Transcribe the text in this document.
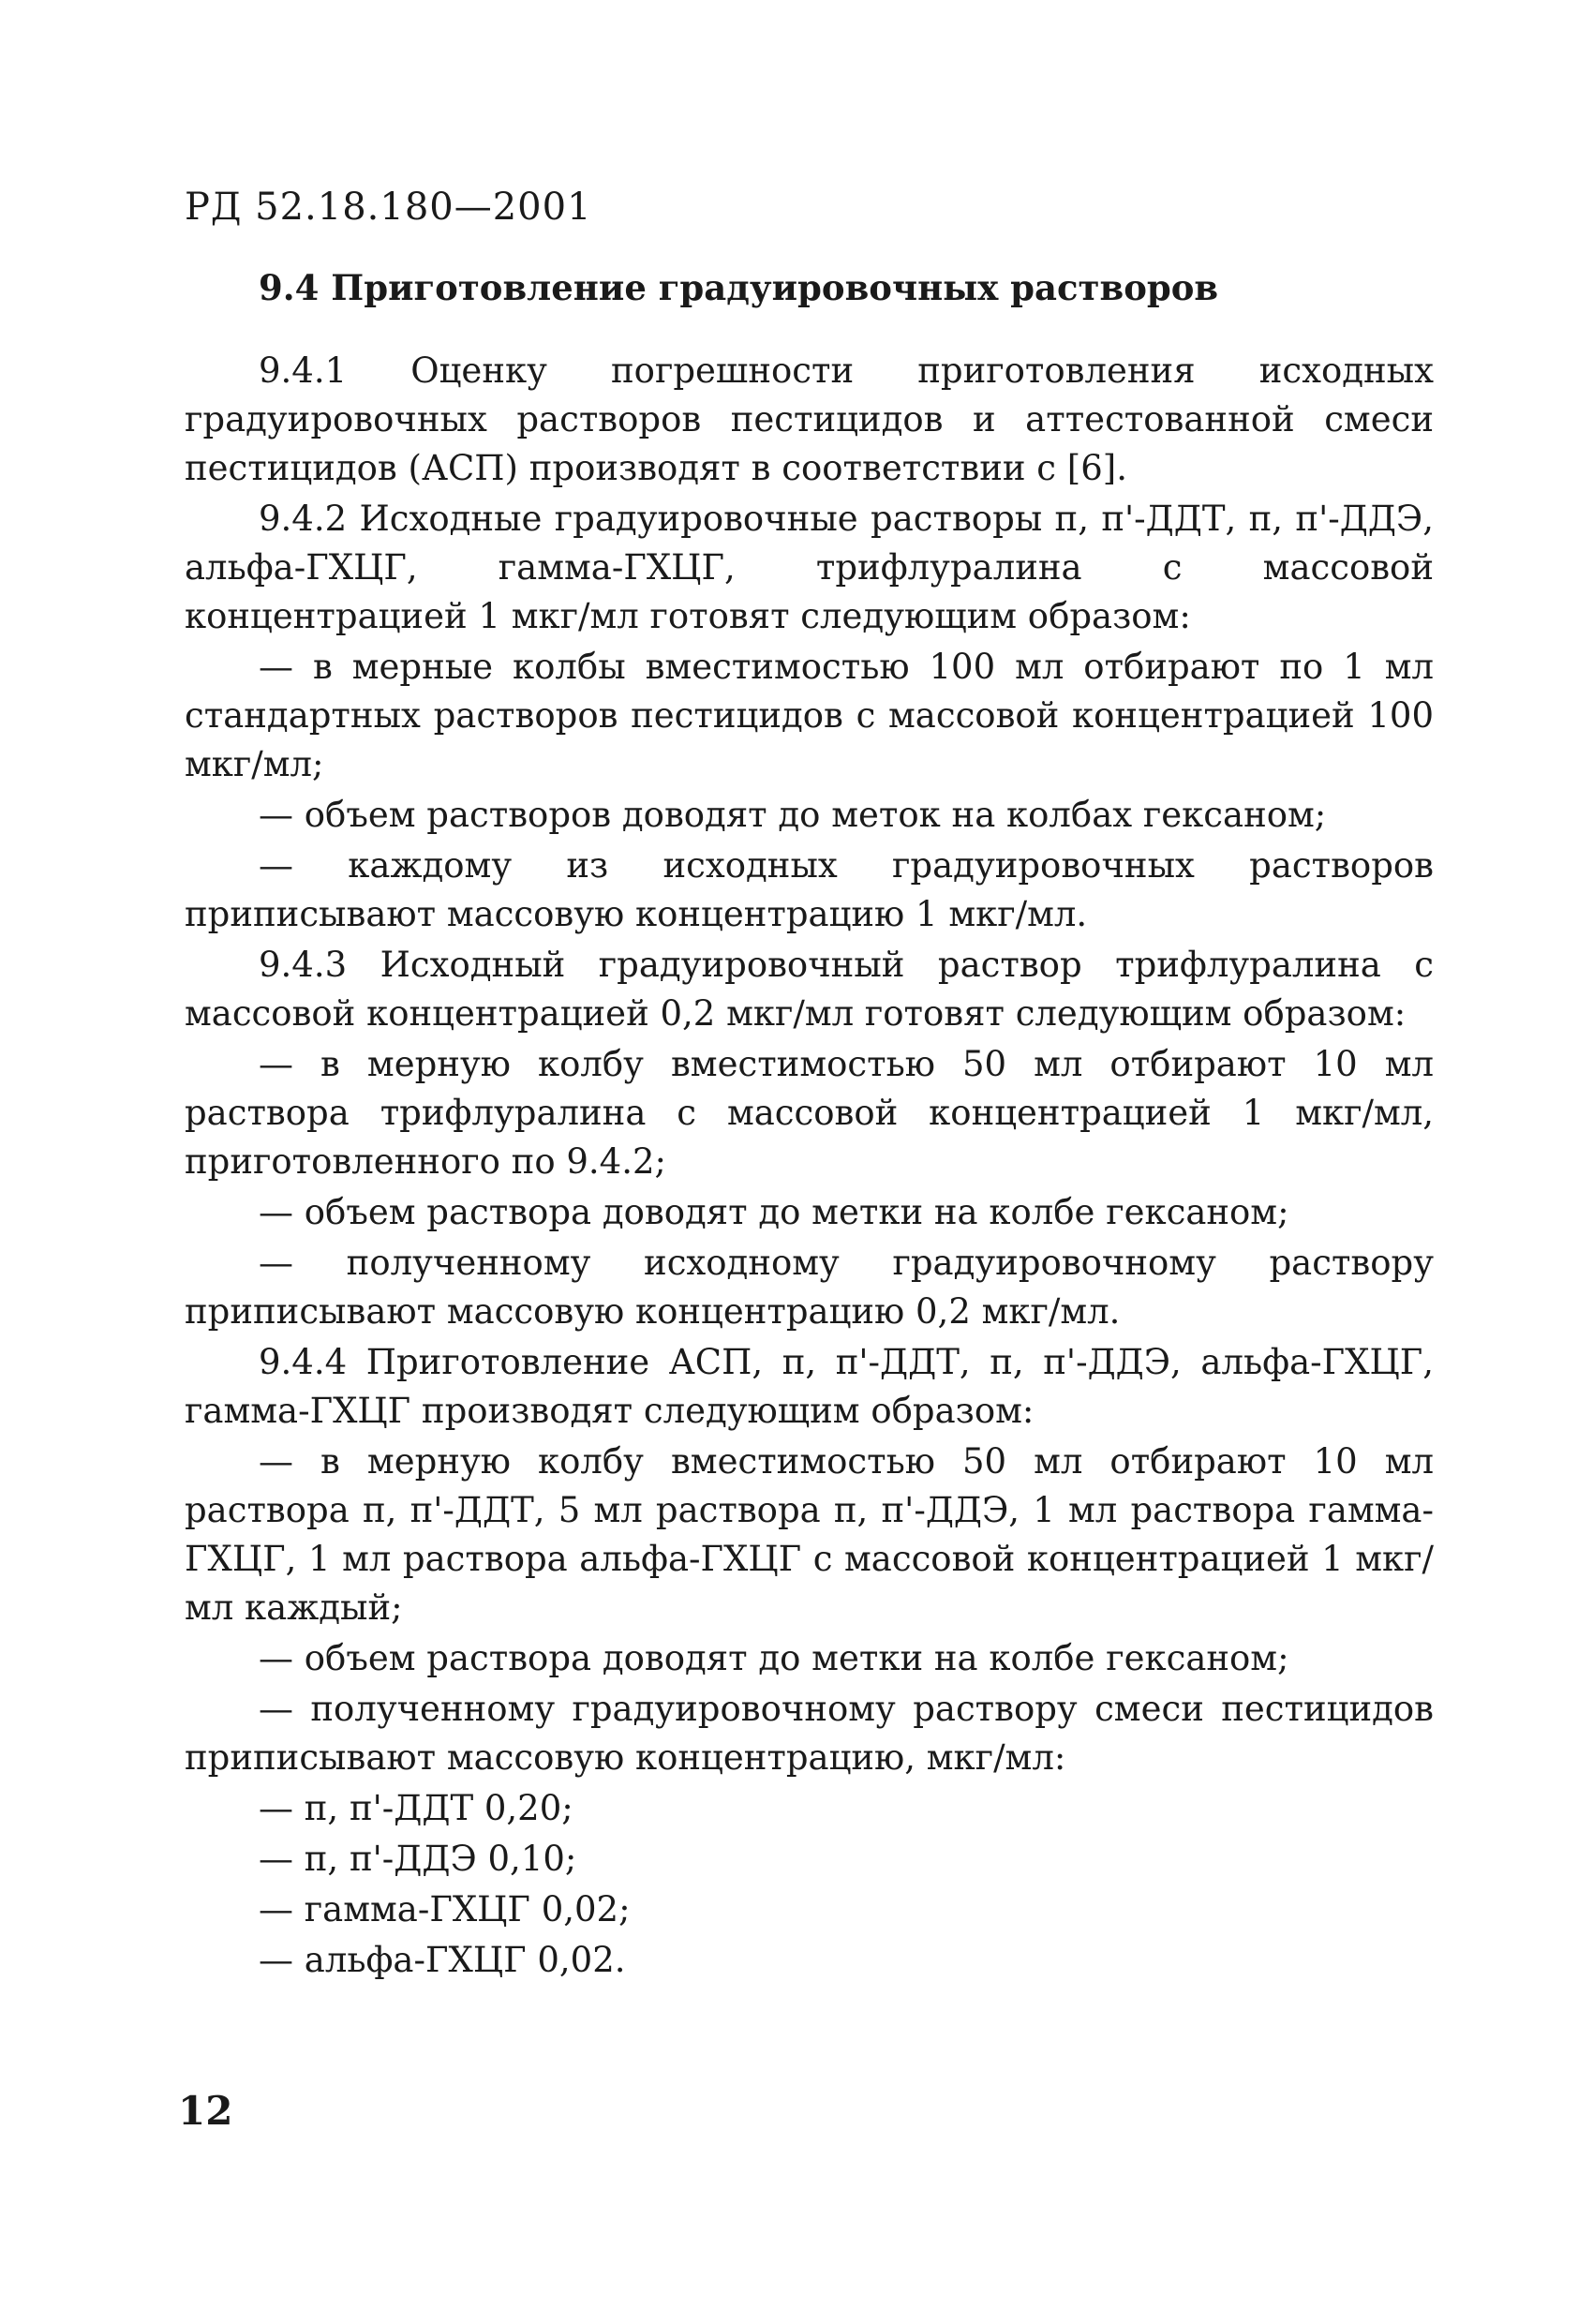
РД 52.18.180—2001
9.4 Приготовление градуировочных растворов

9.4.1 Оценку погрешности приготовления исходных градуировочных растворов пестицидов и аттестованной смеси пестицидов (АСП) производят в соответствии с [6].

9.4.2 Исходные градуировочные растворы п, п'-ДДТ, п, п'-ДДЭ, альфа-ГХЦГ, гамма-ГХЦГ, трифлуралина с массовой концентрацией 1 мкг/мл готовят следующим образом:

— в мерные колбы вместимостью 100 мл отбирают по 1 мл стандартных растворов пестицидов с массовой концентрацией 100 мкг/мл;

— объем растворов доводят до меток на колбах гексаном;

— каждому из исходных градуировочных растворов приписывают массовую концентрацию 1 мкг/мл.

9.4.3 Исходный градуировочный раствор трифлуралина с массовой концентрацией 0,2 мкг/мл готовят следующим образом:

— в мерную колбу вместимостью 50 мл отбирают 10 мл раствора трифлуралина с массовой концентрацией 1 мкг/мл, приготовленного по 9.4.2;

— объем раствора доводят до метки на колбе гексаном;

— полученному исходному градуировочному раствору приписывают массовую концентрацию 0,2 мкг/мл.

9.4.4 Приготовление АСП, п, п'-ДДТ, п, п'-ДДЭ, альфа-ГХЦГ, гамма-ГХЦГ производят следующим образом:

— в мерную колбу вместимостью 50 мл отбирают 10 мл раствора п, п'-ДДТ, 5 мл раствора п, п'-ДДЭ, 1 мл раствора гамма-ГХЦГ, 1 мл раствора альфа-ГХЦГ с массовой концентрацией 1 мкг/мл каждый;

— объем раствора доводят до метки на колбе гексаном;

— полученному градуировочному раствору смеси пестицидов приписывают массовую концентрацию, мкг/мл:

— п, п'-ДДТ 0,20;

— п, п'-ДДЭ 0,10;

— гамма-ГХЦГ 0,02;

— альфа-ГХЦГ 0,02.

12
